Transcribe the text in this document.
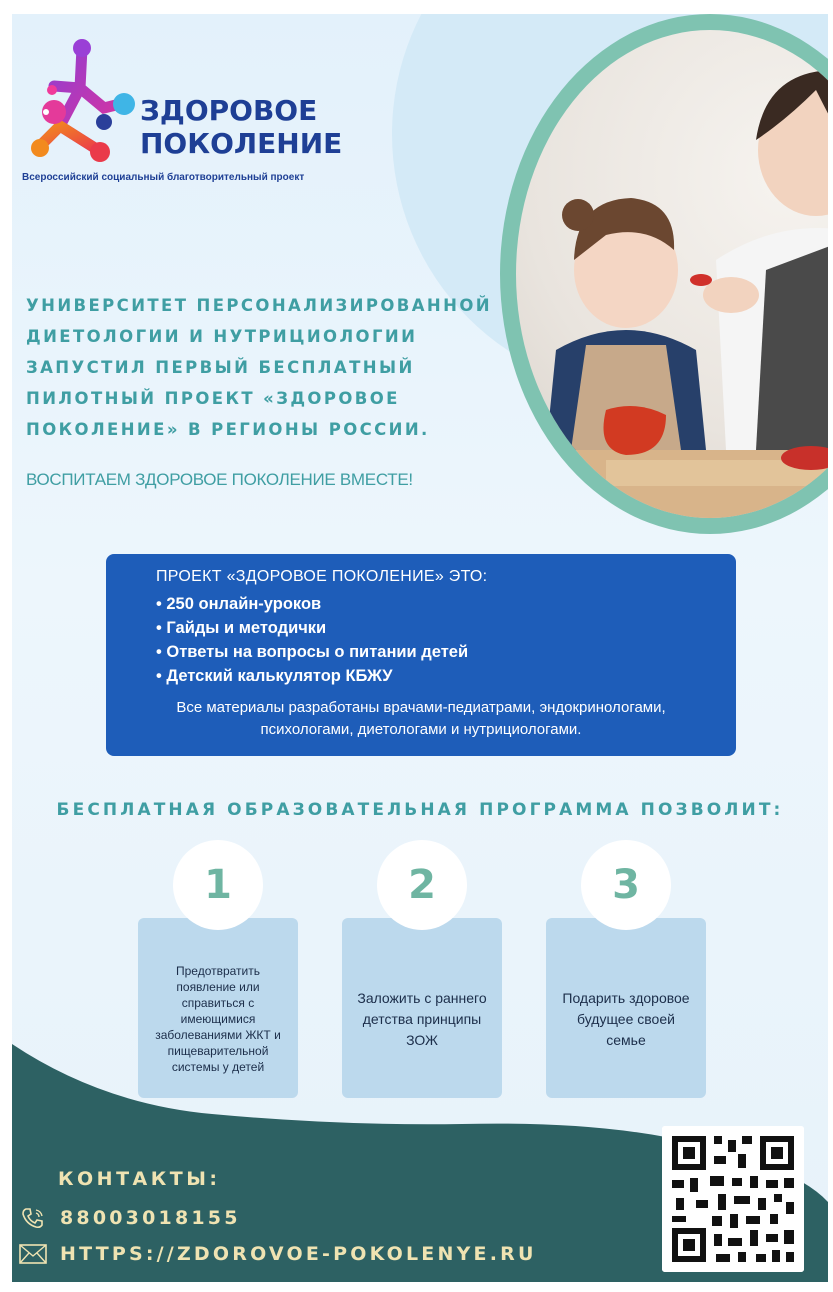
ЗДОРОВОЕ
ПОКОЛЕНИЕ
Всероссийский социальный благотворительный проект

УНИВЕРСИТЕТ ПЕРСОНАЛИЗИРОВАННОЙ ДИЕТОЛОГИИ И НУТРИЦИОЛОГИИ ЗАПУСТИЛ ПЕРВЫЙ БЕСПЛАТНЫЙ ПИЛОТНЫЙ ПРОЕКТ «ЗДОРОВОЕ ПОКОЛЕНИЕ» В РЕГИОНЫ РОССИИ.

ВОСПИТАЕМ ЗДОРОВОЕ ПОКОЛЕНИЕ ВМЕСТЕ!

ПРОЕКТ «ЗДОРОВОЕ ПОКОЛЕНИЕ» ЭТО:
• 250 онлайн-уроков
• Гайды и методички
• Ответы на вопросы о питании детей
• Детский калькулятор КБЖУ
Все материалы разработаны врачами-педиатрами, эндокринологами,
психологами, диетологами и нутрициологами.

БЕСПЛАТНАЯ ОБРАЗОВАТЕЛЬНАЯ ПРОГРАММА ПОЗВОЛИТ:

1
Предотвратить появление или справиться с имеющимися заболеваниями ЖКТ и пищеварительной системы у детей
2
Заложить с раннего детства принципы ЗОЖ
3
Подарить здоровое будущее своей семье

КОНТАКТЫ:

88003018155
HTTPS://ZDOROVOE-POKOLENYE.RU
